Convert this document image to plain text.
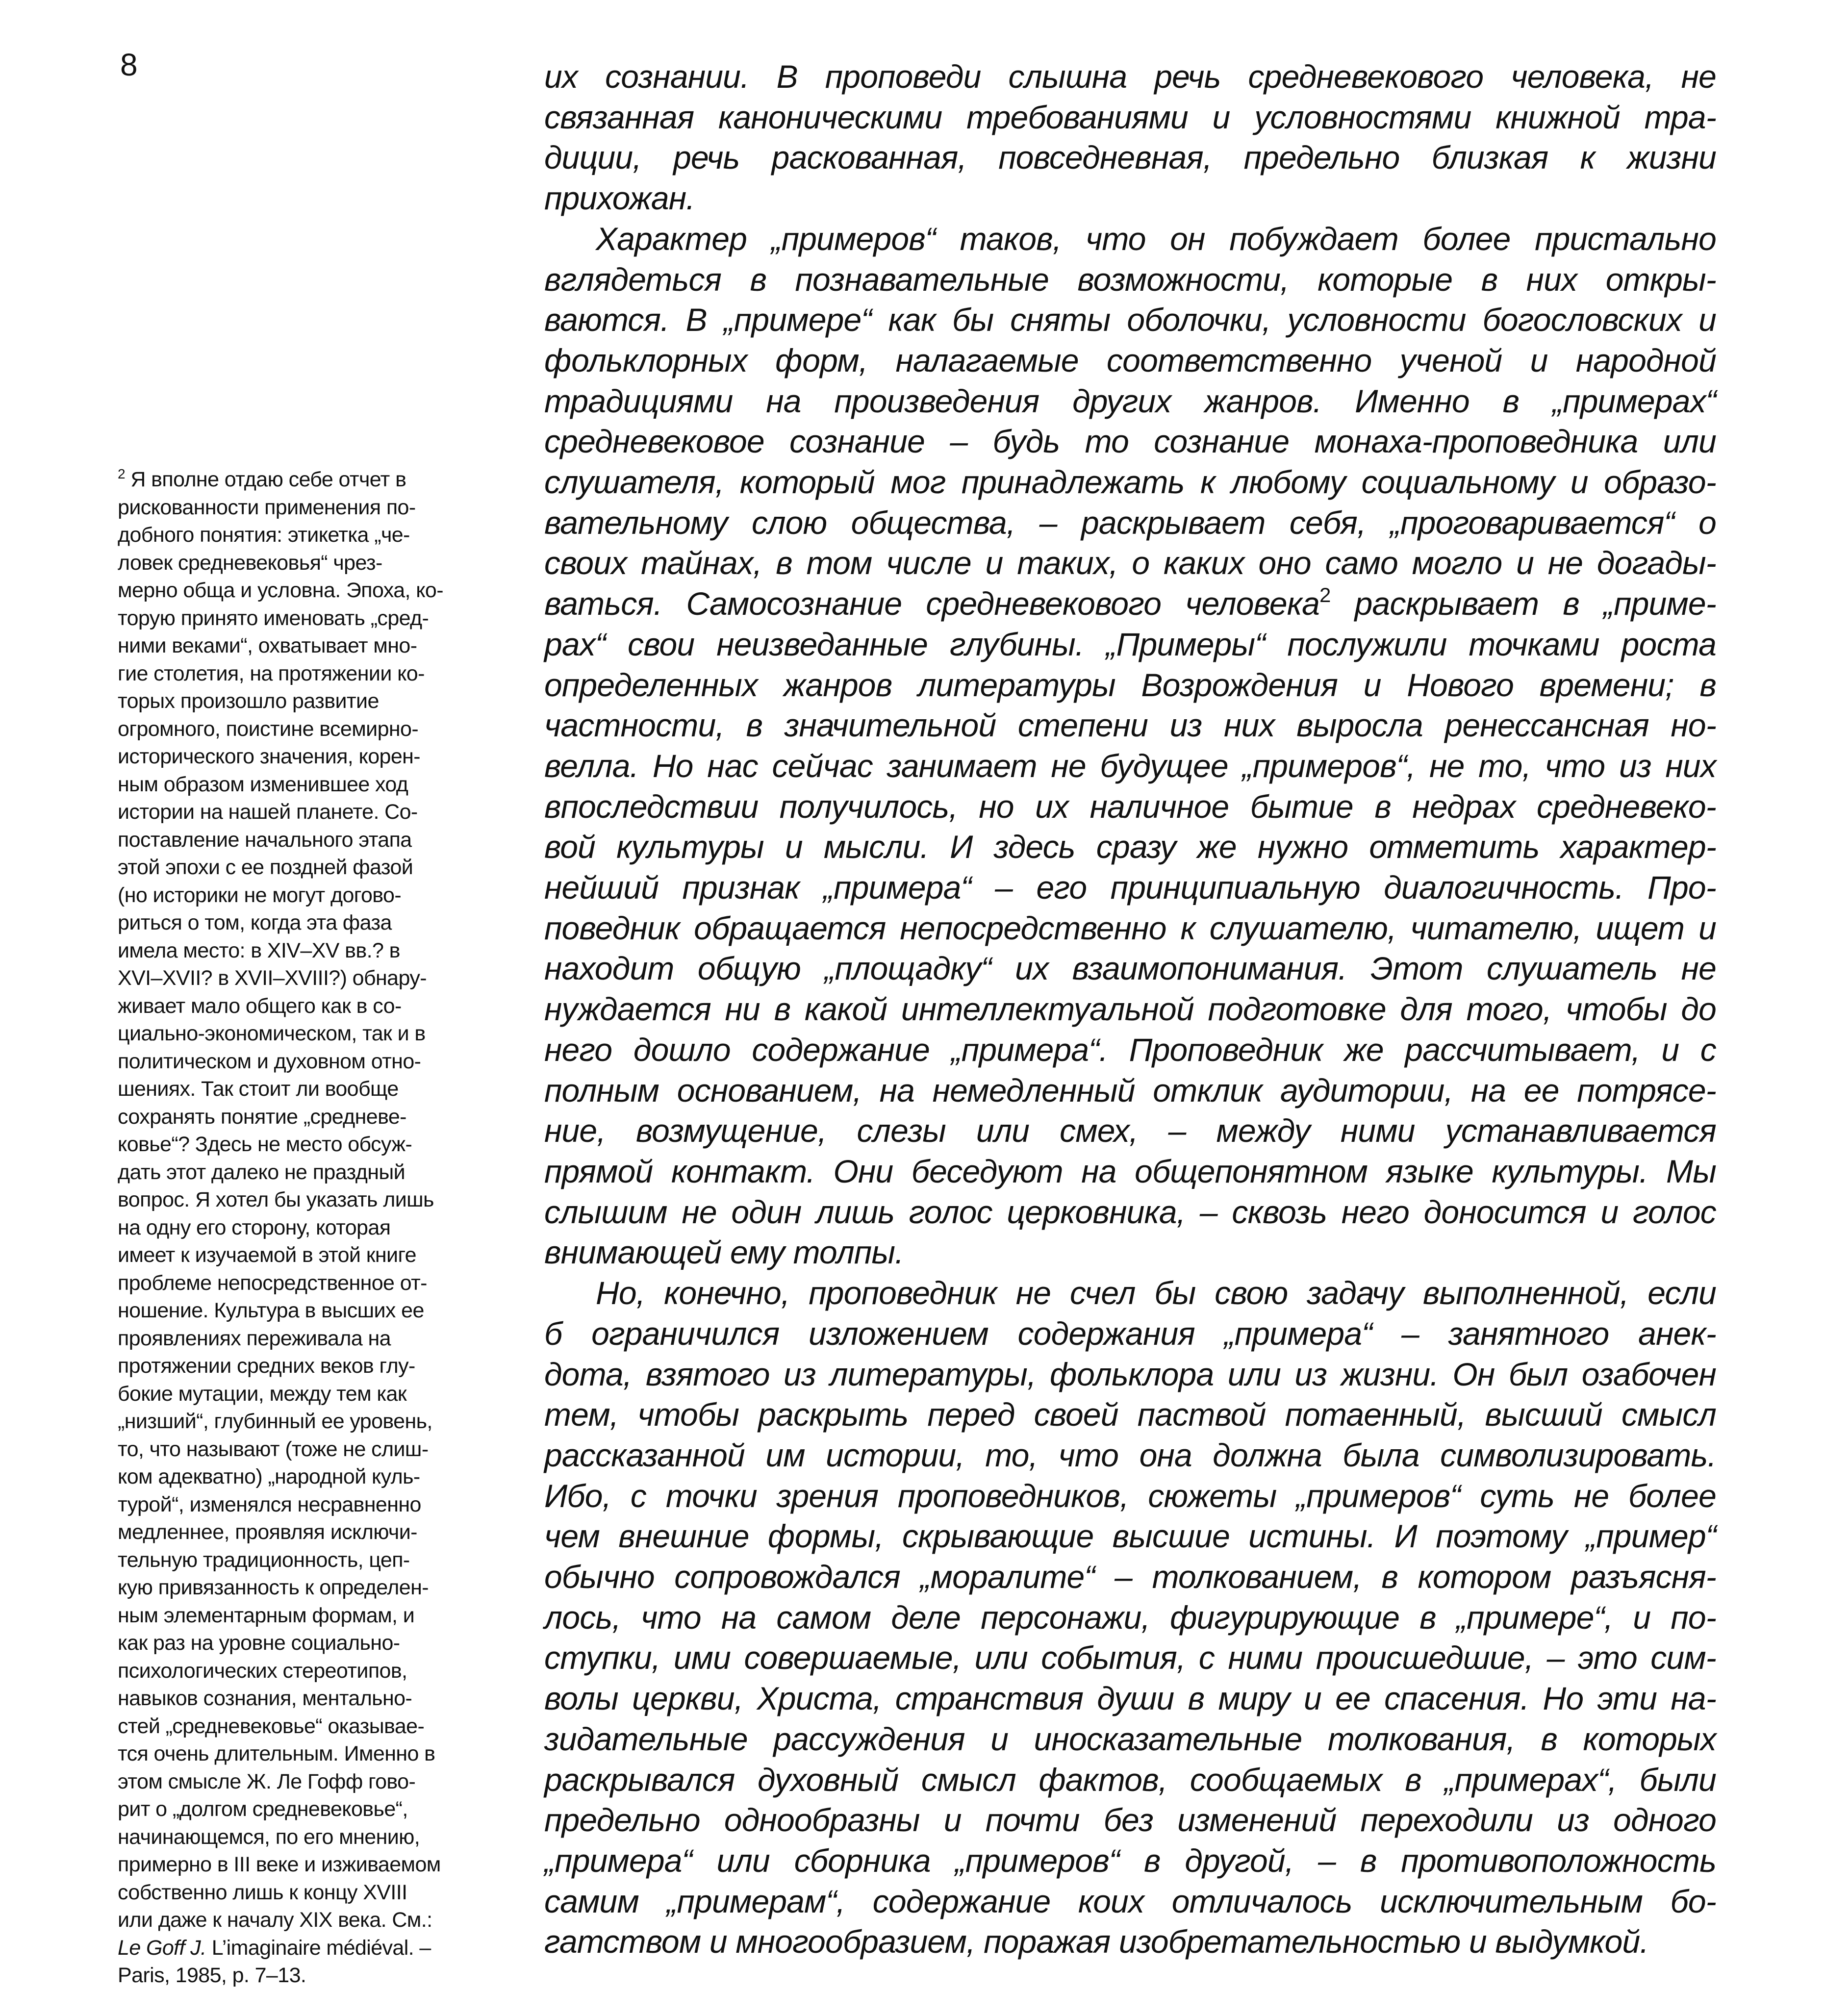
8
$^2$ Я вполне отдаю себе отчет в
рискованности применения по-
добного понятия: этикетка „че-
ловек средневековья“ чрез-
мерно обща и условна. Эпоха, ко-
торую принято именовать „сред-
ними веками“, охватывает мно-
гие столетия, на протяжении ко-
торых произошло развитие
огромного, поистине всемирно-
исторического значения, корен-
ным образом изменившее ход
истории на нашей планете. Со-
поставление начального этапа
этой эпохи с ее поздней фазой
(но историки не могут догово-
риться о том, когда эта фаза
имела место: в XIV–XV вв.? в
XVI–XVII? в XVII–XVIII?) обнару-
живает мало общего как в со-
циально-экономическом, так и в
политическом и духовном отно-
шениях. Так стоит ли вообще
сохранять понятие „средневе-
ковье“? Здесь не место обсуж-
дать этот далеко не праздный
вопрос. Я хотел бы указать лишь
на одну его сторону, которая
имеет к изучаемой в этой книге
проблеме непосредственное от-
ношение. Культура в высших ее
проявлениях переживала на
протяжении средних веков глу-
бокие мутации, между тем как
„низший“, глубинный ее уровень,
то, что называют (тоже не слиш-
ком адекватно) „народной куль-
турой“, изменялся несравненно
медленнее, проявляя исключи-
тельную традиционность, цеп-
кую привязанность к определен-
ным элементарным формам, и
как раз на уровне социально-
психологических стереотипов,
навыков сознания, ментально-
стей „средневековье“ оказывае-
тся очень длительным. Именно в
этом смысле Ж. Ле Гофф гово-
рит о „долгом средневековье“,
начинающемся, по его мнению,
примерно в III веке и изживаемом
собственно лишь к концу XVIII
или даже к началу XIX века. См.:
Le Goff J. L’imaginaire médiéval. –
Paris, 1985, p. 7–13.
их сознании. В проповеди слышна речь средневекового человека, не
связанная каноническими требованиями и условностями книжной тра-
диции, речь раскованная, повседневная, предельно близкая к жизни
прихожан.
Характер „примеров“ таков, что он побуждает более пристально
вглядеться в познавательные возможности, которые в них откры-
ваются. В „примере“ как бы сняты оболочки, условности богословских и
фольклорных форм, налагаемые соответственно ученой и народной
традициями на произведения других жанров. Именно в „примерах“
средневековое сознание – будь то сознание монаха-проповедника или
слушателя, который мог принадлежать к любому социальному и образо-
вательному слою общества, – раскрывает себя, „проговаривается“ о
своих тайнах, в том числе и таких, о каких оно само могло и не догады-
ваться. Самосознание средневекового человека$^2$ раскрывает в „приме-
рах“ свои неизведанные глубины. „Примеры“ послужили точками роста
определенных жанров литературы Возрождения и Нового времени; в
частности, в значительной степени из них выросла ренессансная но-
велла. Но нас сейчас занимает не будущее „примеров“, не то, что из них
впоследствии получилось, но их наличное бытие в недрах средневеко-
вой культуры и мысли. И здесь сразу же нужно отметить характер-
нейший признак „примера“ – его принципиальную диалогичность. Про-
поведник обращается непосредственно к слушателю, читателю, ищет и
находит общую „площадку“ их взаимопонимания. Этот слушатель не
нуждается ни в какой интеллектуальной подготовке для того, чтобы до
него дошло содержание „примера“. Проповедник же рассчитывает, и с
полным основанием, на немедленный отклик аудитории, на ее потрясе-
ние, возмущение, слезы или смех, – между ними устанавливается
прямой контакт. Они беседуют на общепонятном языке культуры. Мы
слышим не один лишь голос церковника, – сквозь него доносится и голос
внимающей ему толпы.
Но, конечно, проповедник не счел бы свою задачу выполненной, если
б ограничился изложением содержания „примера“ – занятного анек-
дота, взятого из литературы, фольклора или из жизни. Он был озабочен
тем, чтобы раскрыть перед своей паствой потаенный, высший смысл
рассказанной им истории, то, что она должна была символизировать.
Ибо, с точки зрения проповедников, сюжеты „примеров“ суть не более
чем внешние формы, скрывающие высшие истины. И поэтому „пример“
обычно сопровождался „моралите“ – толкованием, в котором разъясня-
лось, что на самом деле персонажи, фигурирующие в „примере“, и по-
ступки, ими совершаемые, или события, с ними происшедшие, – это сим-
волы церкви, Христа, странствия души в миру и ее спасения. Но эти на-
зидательные рассуждения и иносказательные толкования, в которых
раскрывался духовный смысл фактов, сообщаемых в „примерах“, были
предельно однообразны и почти без изменений переходили из одного
„примера“ или сборника „примеров“ в другой, – в противоположность
самим „примерам“, содержание коих отличалось исключительным бо-
гатством и многообразием, поражая изобретательностью и выдумкой.
